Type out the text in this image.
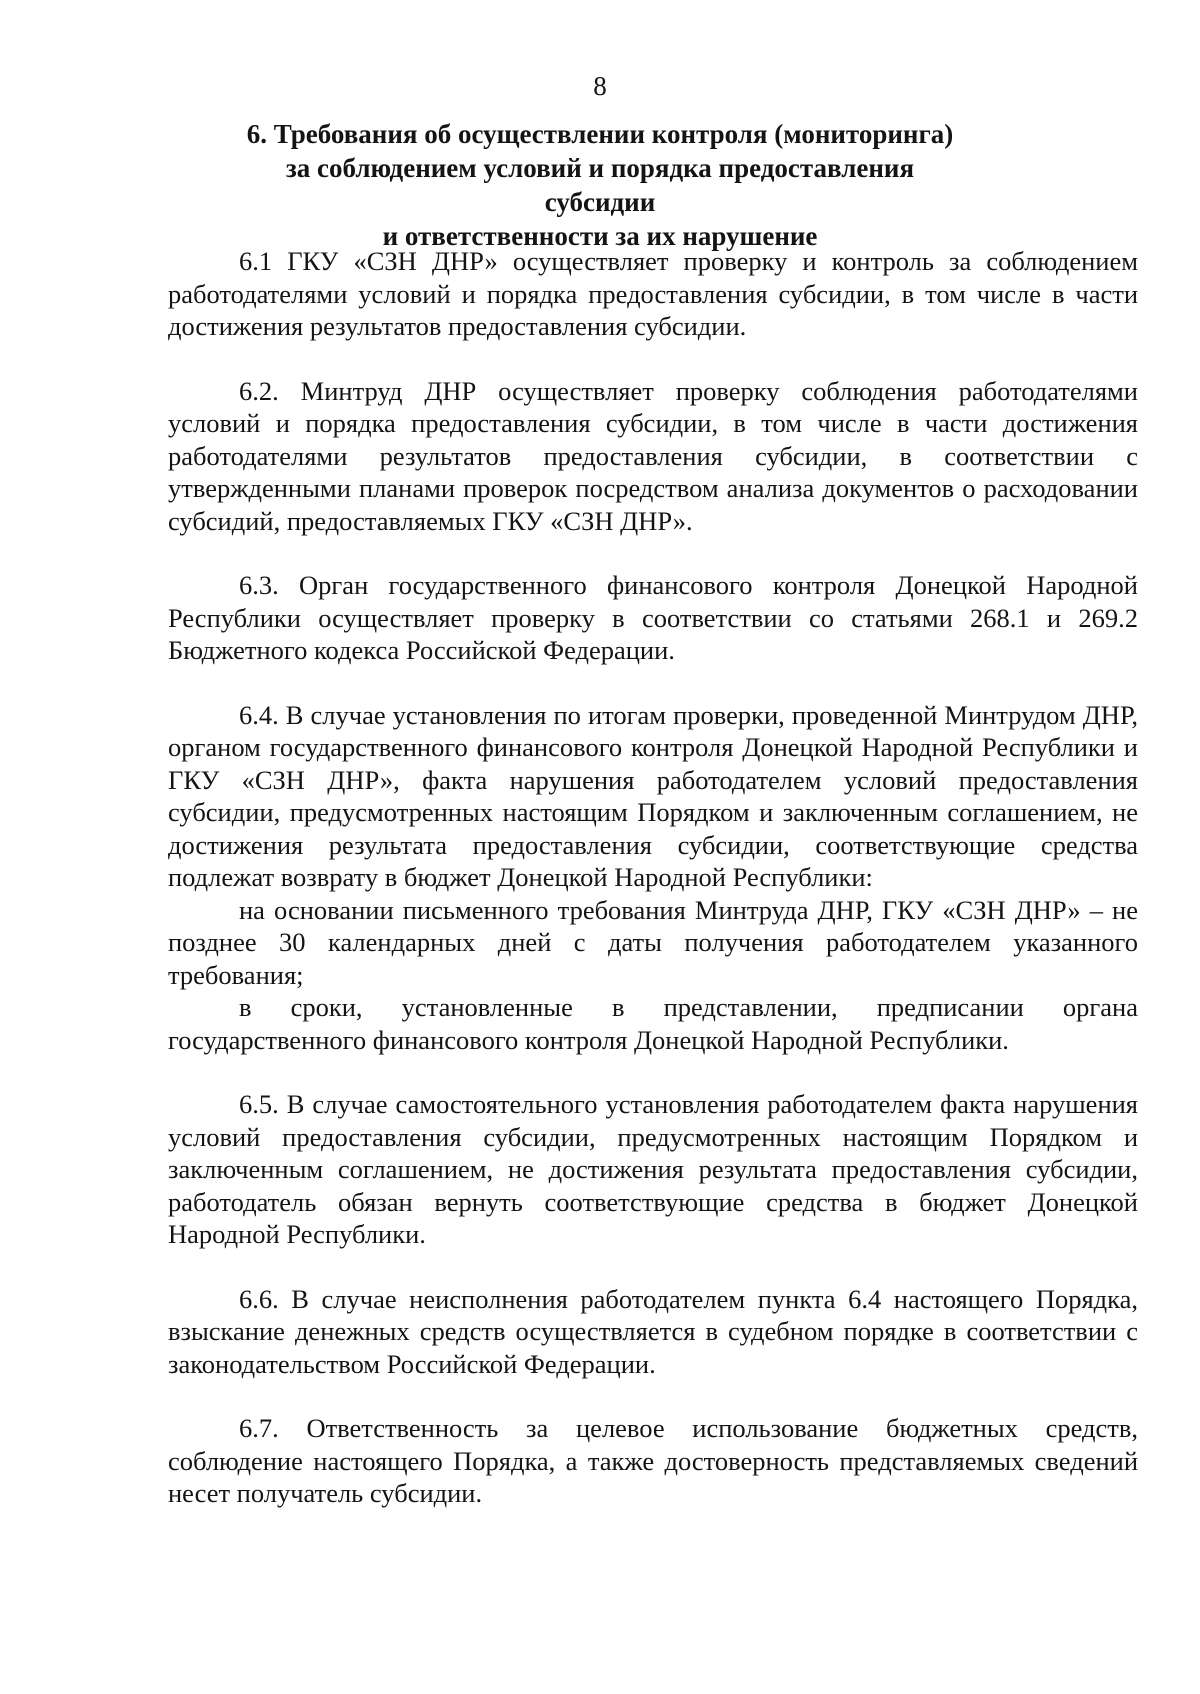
8
6. Требования об осуществлении контроля (мониторинга)
за соблюдением условий и порядка предоставления субсидии
и ответственности за их нарушение

6.1 ГКУ «СЗН ДНР» осуществляет проверку и контроль за соблюдением работодателями условий и порядка предоставления субсидии, в том числе в части достижения результатов предоставления субсидии.

6.2. Минтруд ДНР осуществляет проверку соблюдения работодателями условий и порядка предоставления субсидии, в том числе в части достижения работодателями результатов предоставления субсидии, в соответствии с утвержденными планами проверок посредством анализа документов о расходовании субсидий, предоставляемых ГКУ «СЗН ДНР».

6.3. Орган государственного финансового контроля Донецкой Народной Республики осуществляет проверку в соответствии со статьями 268.1 и 269.2 Бюджетного кодекса Российской Федерации.

6.4. В случае установления по итогам проверки, проведенной Минтрудом ДНР, органом государственного финансового контроля Донецкой Народной Республики и ГКУ «СЗН ДНР», факта нарушения работодателем условий предоставления субсидии, предусмотренных настоящим Порядком и заключенным соглашением, не достижения результата предоставления субсидии, соответствующие средства подлежат возврату в бюджет Донецкой Народной Республики:

на основании письменного требования Минтруда ДНР, ГКУ «СЗН ДНР» – не позднее 30 календарных дней с даты получения работодателем указанного требования;

в сроки, установленные в представлении, предписании органа государственного финансового контроля Донецкой Народной Республики.

6.5. В случае самостоятельного установления работодателем факта нарушения условий предоставления субсидии, предусмотренных настоящим Порядком и заключенным соглашением, не достижения результата предоставления субсидии, работодатель обязан вернуть соответствующие средства в бюджет Донецкой Народной Республики.

6.6. В случае неисполнения работодателем пункта 6.4 настоящего Порядка, взыскание денежных средств осуществляется в судебном порядке в соответствии с законодательством Российской Федерации.

6.7. Ответственность за целевое использование бюджетных средств, соблюдение настоящего Порядка, а также достоверность представляемых сведений несет получатель субсидии.
